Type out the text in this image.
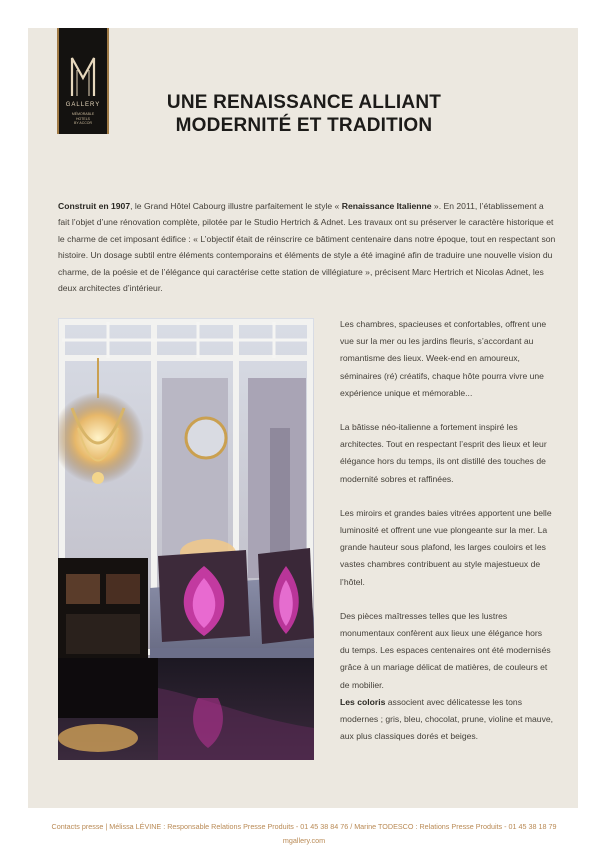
GALLERY
MÉMORABLE
HOTELS
BY ACCOR
UNE RENAISSANCE ALLIANT
MODERNITÉ ET TRADITION
Construit en 1907, le Grand Hôtel Cabourg illustre parfaitement le style « Renaissance Italienne ». En 2011, l’établissement a fait l’objet d’une rénovation complète, pilotée par le Studio Hertrich & Adnet. Les travaux ont su préserver le caractère historique et le charme de cet imposant édifice : « L’objectif était de réinscrire ce bâtiment centenaire dans notre époque, tout en respectant son histoire. Un dosage subtil entre éléments contemporains et éléments de style a été imaginé afin de traduire une nouvelle vision du charme, de la poésie et de l’élégance qui caractérise cette station de villégiature », précisent Marc Hertrich et Nicolas Adnet, les deux architectes d’intérieur.

Les chambres, spacieuses et confortables, offrent une vue sur la mer ou les jardins fleuris, s’accordant au romantisme des lieux. Week-end en amoureux, séminaires (ré) créatifs, chaque hôte pourra vivre une expérience unique et mémorable...

La bâtisse néo-italienne a fortement inspiré les architectes. Tout en respectant l’esprit des lieux et leur élégance hors du temps, ils ont distillé des touches de modernité sobres et raffinées.

Les miroirs et grandes baies vitrées apportent une belle luminosité et offrent une vue plongeante sur la mer. La grande hauteur sous plafond, les larges couloirs et les vastes chambres contribuent au style majestueux de l’hôtel.

Des pièces maîtresses telles que les lustres monumentaux confèrent aux lieux une élégance hors du temps. Les espaces centenaires ont été modernisés grâce à un mariage délicat de matières, de couleurs et de mobilier.

Les coloris associent avec délicatesse les tons modernes ; gris, bleu, chocolat, prune, violine et mauve, aux plus classiques dorés et beiges.

Contacts presse | Mélissa LÉVINE : Responsable Relations Presse Produits - 01 45 38 84 76 / Marine TODESCO : Relations Presse Produits - 01 45 38 18 79
mgallery.com
